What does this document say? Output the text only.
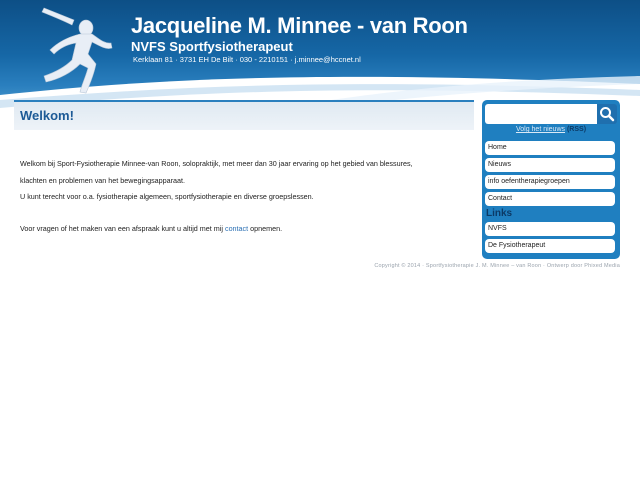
Jacqueline M. Minnee - van Roon
NVFS Sportfysiotherapeut
Kerklaan 81 · 3731 EH De Bilt · 030 - 2210151 · j.minnee@hccnet.nl
Welkom!
Welkom bij Sport-Fysiotherapie Minnee-van Roon, solopraktijk, met meer dan 30 jaar ervaring op het gebied van blessures,
klachten en problemen van het bewegingsapparaat.
U kunt terecht voor o.a. fysiotherapie algemeen, sportfysiotherapie en diverse groepslessen.
Voor vragen of het maken van een afspraak kunt u altijd met mij contact opnemen.
Volg het nieuws (RSS)
Home
Nieuws
info oefentherapiegroepen
Contact
Links
NVFS
De Fysiotherapeut
Copyright © 2014 · Sportfysiotherapie J. M. Minnee – van Roon · Ontwerp door Phixed Media
